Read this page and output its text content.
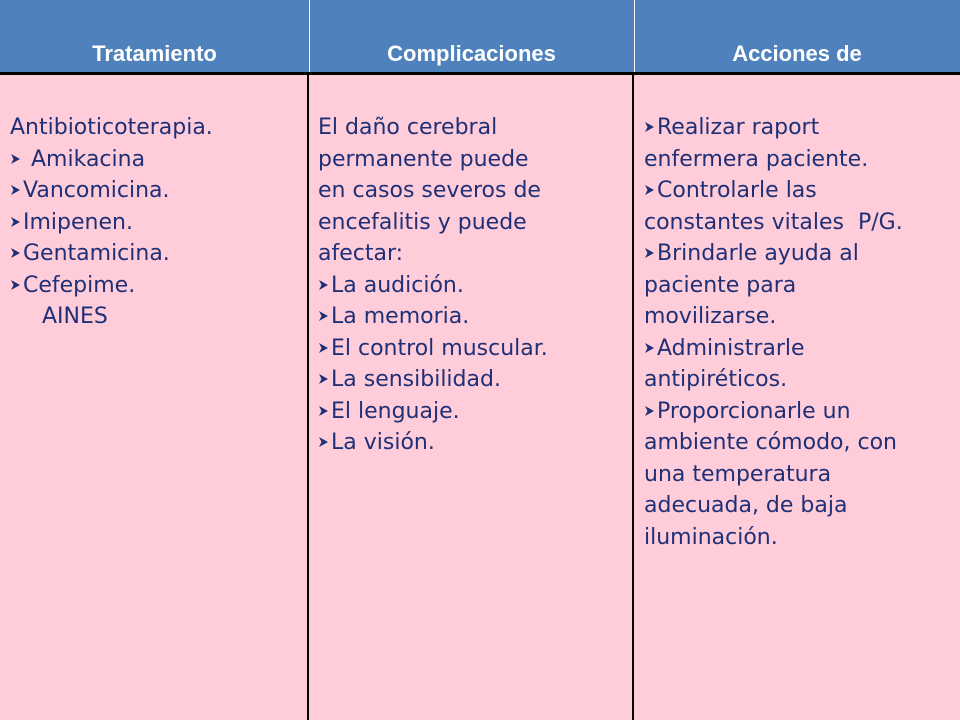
Tratamiento	Complicaciones	Acciones de
Antibioticoterapia.
Amikacina
Vancomicina.
Imipenen.
Gentamicina.
Cefepime.
AINES
El daño cerebral
permanente puede
en casos severos de
encefalitis y puede
afectar:
La audición.
La memoria.
El control muscular.
La sensibilidad.
El lenguaje.
La visión.
Realizar raport
enfermera paciente.
Controlarle las
constantes vitales  P/G.
Brindarle ayuda al
paciente para
movilizarse.
Administrarle
antipiréticos.
Proporcionarle un
ambiente cómodo, con
una temperatura
adecuada, de baja
iluminación.
